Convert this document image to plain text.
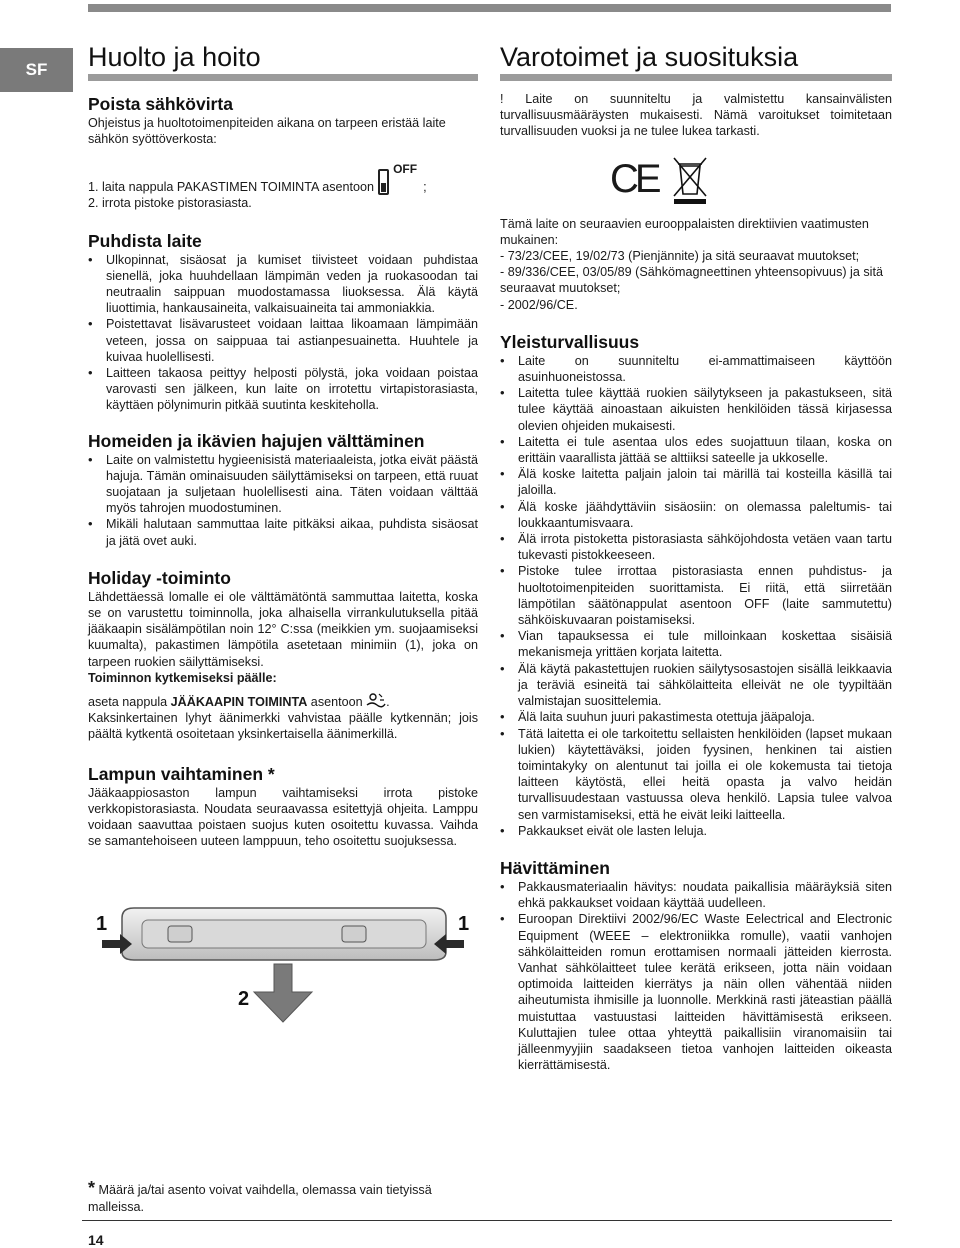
SF	Huolto ja hoito
Poista sähkövirta

Ohjeistus ja huoltotoimenpiteiden aikana on tarpeen eristää laite sähkön syöttöverkosta:

1. laita nappula PAKASTIMEN TOIMINTA asentoon
OFF
;
2. irrota pistoke pistorasiasta.
Puhdista laite
• Ulkopinnat, sisäosat ja kumiset tiivisteet voidaan puhdistaa sienellä, joka huuhdellaan lämpimän veden ja ruokasoodan tai neutraalin saippuan muodostamassa liuoksessa. Älä käytä liuottimia, hankausaineita, valkaisuaineita tai ammoniakkia.
• Poistettavat lisävarusteet voidaan laittaa likoamaan lämpimään veteen, jossa on saippuaa tai astianpesuainetta. Huuhtele ja kuivaa huolellisesti.
• Laitteen takaosa peittyy helposti pölystä, joka voidaan poistaa varovasti sen jälkeen, kun laite on irrotettu virtapistorasiasta, käyttäen pölynimurin pitkää suutinta keskiteholla.
Homeiden ja ikävien hajujen välttäminen
• Laite on valmistettu hygieenisistä materiaaleista, jotka eivät päästä hajuja. Tämän ominaisuuden säilyttämiseksi on tarpeen, että ruuat suojataan ja suljetaan huolellisesti aina. Täten voidaan välttää myös tahrojen muodostuminen.
• Mikäli halutaan sammuttaa laite pitkäksi aikaa, puhdista sisäosat ja jätä ovet auki.
Holiday -toiminto

Lähdettäessä lomalle ei ole välttämätöntä sammuttaa laitetta, koska se on varustettu toiminnolla, joka alhaisella virrankulutuksella pitää jääkaapin sisälämpötilan noin 12° C:ssa (meikkien ym. suojaamiseksi kuumalta), pakastimen lämpötila asetetaan minimiin (1), joka on tarpeen ruokien säilyttämiseksi.

Toiminnon kytkemiseksi päälle:

aseta nappula JÄÄKAAPIN TOIMINTA asentoon .

Kaksinkertainen lyhyt äänimerkki vahvistaa päälle kytkennän; jois päältä kytkentä osoitetaan yksinkertaisella äänimerkillä.

Lampun vaihtaminen *

Jääkaappiosaston lampun vaihtamiseksi irrota pistoke verkkopistorasiasta. Noudata seuraavassa esitettyjä ohjeita. Lamppu voidaan saavuttaa poistaen suojus kuten osoitettu kuvassa. Vaihda se samantehoiseen uuteen lamppuun, teho osoitettu suojuksessa.

1	1
2
Varotoimet ja suosituksia

! Laite on suunniteltu ja valmistettu kansainvälisten turvallisuusmääräysten mukaisesti. Nämä varoitukset toimitetaan turvallisuuden vuoksi ja ne tulee lukea tarkasti.

CE

Tämä laite on seuraavien eurooppalaisten direktiivien vaatimusten mukainen:

- 73/23/CEE, 19/02/73 (Pienjännite) ja sitä seuraavat muutokset;

- 89/336/CEE, 03/05/89 (Sähkömagneettinen yhteensopivuus) ja sitä seuraavat muutokset;

- 2002/96/CE.

Yleisturvallisuus
• Laite on suunniteltu ei-ammattimaiseen käyttöön asuinhuoneistossa.
• Laitetta tulee käyttää ruokien säilytykseen ja pakastukseen, sitä tulee käyttää ainoastaan aikuisten henkilöiden tässä kirjasessa olevien ohjeiden mukaisesti.
• Laitetta ei tule asentaa ulos edes suojattuun tilaan, koska on erittäin vaarallista jättää se alttiiksi sateelle ja ukkoselle.
• Älä koske laitetta paljain jaloin tai märillä tai kosteilla käsillä tai jaloilla.
• Älä koske jäähdyttäviin sisäosiin: on olemassa paleltumis- tai loukkaantumisvaara.
• Älä irrota pistoketta pistorasiasta sähköjohdosta vetäen vaan tartu tukevasti pistokkeeseen.
• Pistoke tulee irrottaa pistorasiasta ennen puhdistus- ja huoltotoimenpiteiden suorittamista. Ei riitä, että siirretään lämpötilan säätönappulat asentoon OFF (laite sammutettu) sähköiskuvaaran poistamiseksi.
• Vian tapauksessa ei tule milloinkaan koskettaa sisäisiä mekanismeja yrittäen korjata laitetta.
• Älä käytä pakastettujen ruokien säilytysosastojen sisällä leikkaavia ja teräviä esineitä tai sähkölaitteita elleivät ne ole tyypiltään valmistajan suosittelemia.
• Älä laita suuhun juuri pakastimesta otettuja jääpaloja.
• Tätä laitetta ei ole tarkoitettu sellaisten henkilöiden (lapset mukaan lukien) käytettäväksi, joiden fyysinen, henkinen tai aistien toimintakyky on alentunut tai joilla ei ole kokemusta tai tietoja laitteen käytöstä, ellei heitä opasta ja valvo heidän turvallisuudestaan vastuussa oleva henkilö. Lapsia tulee valvoa sen varmistamiseksi, että he eivät leiki laitteella.
• Pakkaukset eivät ole lasten leluja.
Hävittäminen
• Pakkausmateriaalin hävitys: noudata paikallisia määräyksiä siten ehkä pakkaukset voidaan käyttää uudelleen.
• Euroopan Direktiivi 2002/96/EC Waste Eelectrical and Electronic Equipment (WEEE – elektroniikka romulle), vaatii vanhojen sähkölaitteiden romun erottamisen normaali jätteiden kierrosta. Vanhat sähkölaitteet tulee kerätä erikseen, jotta näin voidaan optimoida laitteiden kierrätys ja näin ollen vähentää niiden aiheutumista ihmisille ja luonnolle. Merkkinä rasti jäteastian päällä muistuttaa vastuustasi laitteiden hävittämisestä erikseen. Kuluttajien tulee ottaa yhteyttä paikallisiin viranomaisiin tai jälleenmyyjiin saadakseen tietoa vanhojen laitteiden oikeasta kierrättämisestä.
* Määrä ja/tai asento voivat vaihdella, olemassa vain tietyissä malleissa.
14
